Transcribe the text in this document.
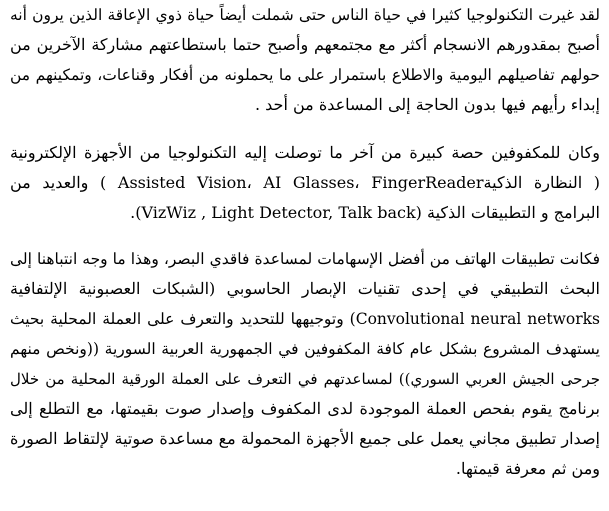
لقد غيرت التكنولوجيا كثيرا في حياة الناس حتى شملت أيضاً حياة ذوي الإعاقة الذين يرون أنه
أصبح بمقدورهم الانسجام أكثر مع مجتمعهم وأصبح حتما باستطاعتهم مشاركة الآخرين من
حولهم تفاصيلهم اليومية والاطلاع باستمرار على ما يحملونه من أفكار وقناعات، وتمكينهم من
إبداء رأيهم فيها بدون الحاجة إلى المساعدة من أحد .
وكان للمكفوفين حصة كبيرة من آخر ما توصلت إليه التكنولوجيا من الأجهزة الإلكترونية
( النظارة الذكيةAssisted Vision، AI Glasses، FingerReader ) والعديد من
البرامج و التطبيقات الذكية (VizWiz , Light Detector, Talk back).
فكانت تطبيقات الهاتف من أفضل الإسهامات لمساعدة فاقدي البصر، وهذا ما وجه انتباهنا إلى
البحث التطبيقي في إحدى تقنيات الإبصار الحاسوبي (الشبكات العصبونية الإلتفافية
Convolutional neural networks) وتوجيهها للتحديد والتعرف على العملة المحلية بحيث
يستهدف المشروع بشكل عام كافة المكفوفين في الجمهورية العربية السورية ((ونخص منهم
جرحى الجيش العربي السوري)) لمساعدتهم في التعرف على العملة الورقية المحلية من خلال
برنامج يقوم بفحص العملة الموجودة لدى المكفوف وإصدار صوت بقيمتها، مع التطلع إلى
إصدار تطبيق مجاني يعمل على جميع الأجهزة المحمولة مع مساعدة صوتية لإلتقاط الصورة
ومن ثم معرفة قيمتها.
